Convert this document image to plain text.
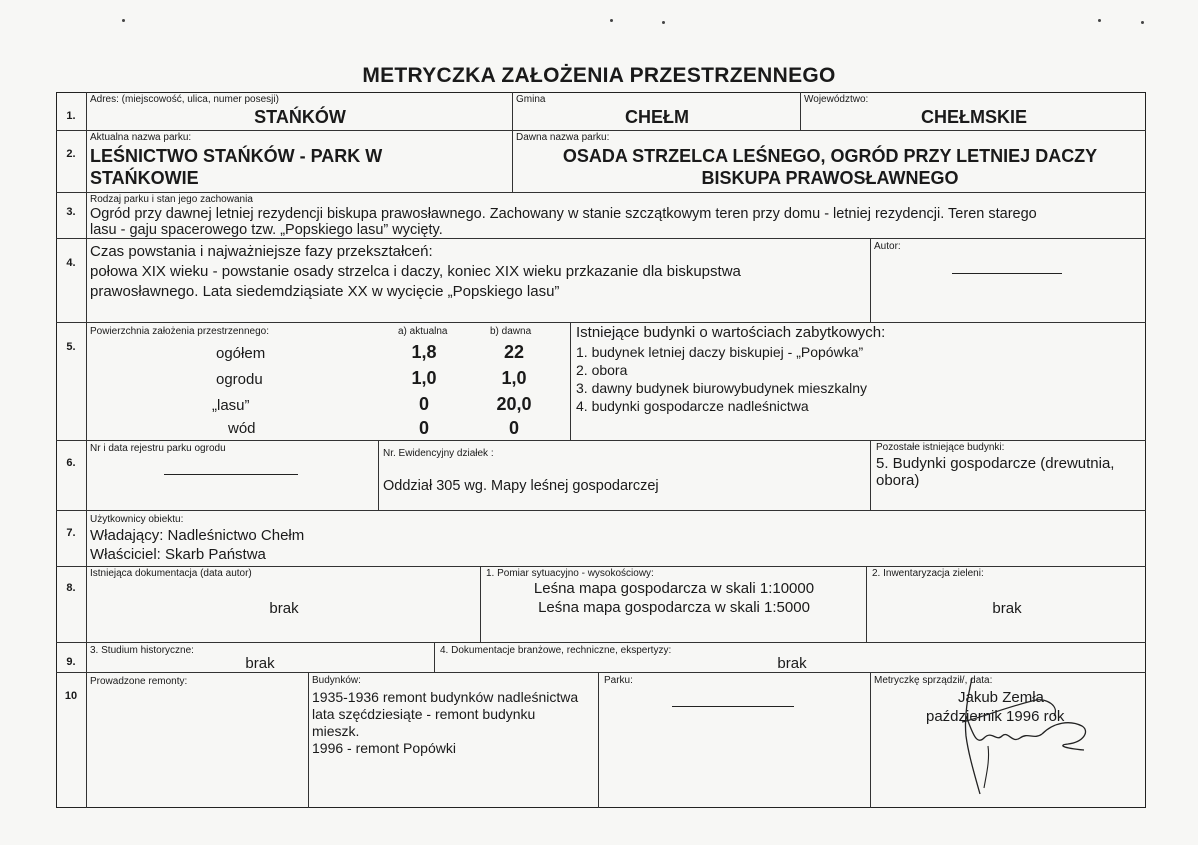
METRYCZKA ZAŁOŻENIA PRZESTRZENNEGO
1.
2.
3.
4.
5.
6.
7.
8.
9.
10
Adres: (miejscowość, ulica, numer posesji)
STAŃKÓW
Gmina
CHEŁM
Województwo:
CHEŁMSKIE
Aktualna nazwa parku:
LEŚNICTWO STAŃKÓW - PARK W
STAŃKOWIE
Dawna nazwa parku:
OSADA STRZELCA LEŚNEGO, OGRÓD PRZY LETNIEJ DACZY
BISKUPA PRAWOSŁAWNEGO
Rodzaj parku i stan jego zachowania
Ogród przy dawnej letniej rezydencji biskupa prawosławnego. Zachowany w stanie szczątkowym teren przy domu - letniej rezydencji. Teren starego
lasu - gaju spacerowego tzw. „Popskiego lasu” wycięty.
Czas powstania i najważniejsze fazy przekształceń:
połowa XIX wieku - powstanie osady strzelca i daczy, koniec XIX wieku przkazanie dla biskupstwa
prawosławnego. Lata siedemdziąsiate XX w wycięcie „Popskiego lasu”
Autor:
Powierzchnia założenia przestrzennego:	a) aktualna	b) dawna
ogółem	1,8	22
ogrodu	1,0	1,0
„lasu”	0	20,0
wód	0	0
Istniejące budynki o wartościach zabytkowych:
1. budynek letniej daczy biskupiej - „Popówka”
2. obora
3. dawny budynek biurowybudynek mieszkalny
4. budynki gospodarcze nadleśnictwa
Nr i data rejestru parku ogrodu	Nr. Ewidencyjny działek :
Oddział 305 wg. Mapy leśnej gospodarczej
Pozostałe istniejące budynki:
5. Budynki gospodarcze (drewutnia,
obora)
Użytkownicy obiektu:
Władający: Nadleśnictwo Chełm
Właściciel: Skarb Państwa
Istniejąca dokumentacja (data autor)
brak
1. Pomiar sytuacyjno - wysokościowy:
Leśna mapa gospodarcza w skali 1:10000
Leśna mapa gospodarcza w skali 1:5000
2. Inwentaryzacja zieleni:
brak
3. Studium historyczne:
brak
4. Dokumentacje branżowe, rechniczne, ekspertyzy:
brak
Prowadzone remonty:	Budynków:
1935-1936 remont budynków nadleśnictwa
lata szęćdziesiąte - remont budynku
mieszk.
1996 - remont Popówki
Parku:	Metryczkę sprządził/, data:
Jakub Zemła
październik 1996 rok
